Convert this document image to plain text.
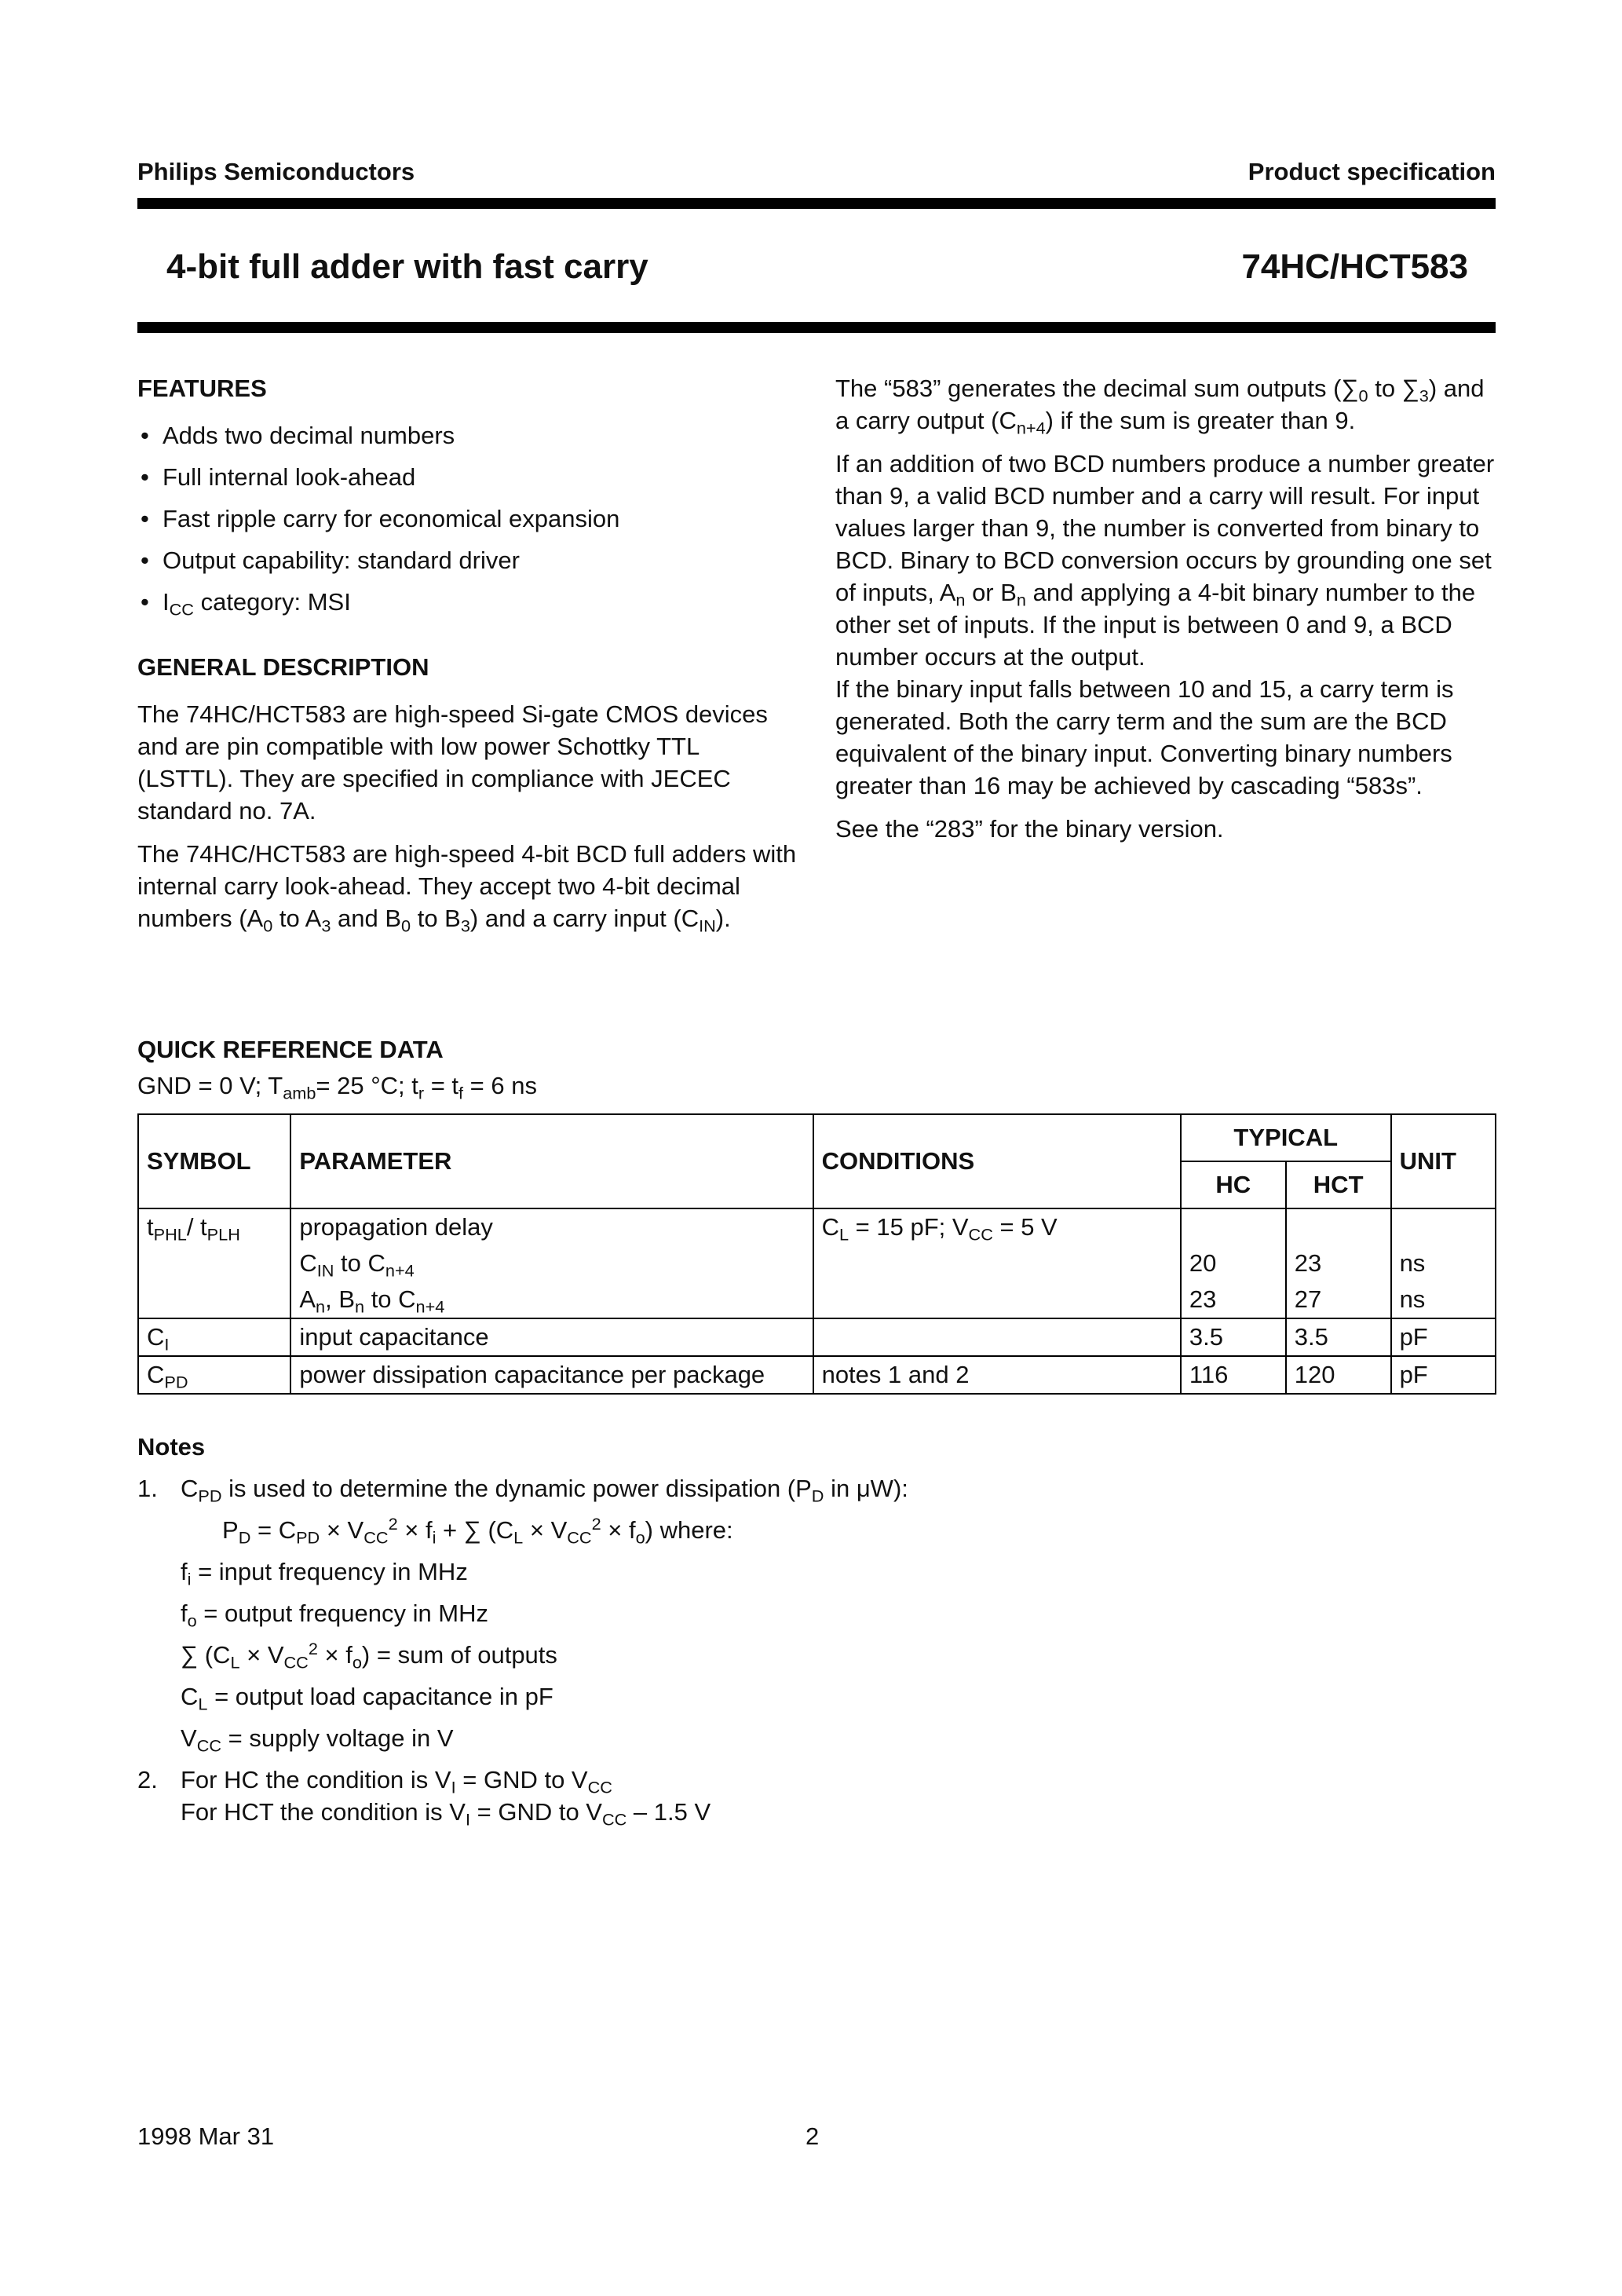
Philips Semiconductors	Product specification
4-bit full adder with fast carry	74HC/HCT583
FEATURES
• Adds two decimal numbers
• Full internal look-ahead
• Fast ripple carry for economical expansion
• Output capability: standard driver
• $I_{CC}$ category: MSI
GENERAL DESCRIPTION

The 74HC/HCT583 are high-speed Si-gate CMOS devices and are pin compatible with low power Schottky TTL (LSTTL). They are specified in compliance with JECEC standard no. 7A.

The 74HC/HCT583 are high-speed 4-bit BCD full adders with internal carry look-ahead. They accept two 4-bit decimal numbers ($A_0$ to $A_3$ and $B_0$ to $B_3$) and a carry input $(C_{IN})$.

The “583” generates the decimal sum outputs ($\sum_0$ to $\sum_3$) and a carry output $(C_{n+4})$ if the sum is greater than 9.

If an addition of two BCD numbers produce a number greater than 9, a valid BCD number and a carry will result. For input values larger than 9, the number is converted from binary to BCD. Binary to BCD conversion occurs by grounding one set of inputs, $A_n$ or $B_n$ and applying a 4-bit binary number to the other set of inputs. If the input is between 0 and 9, a BCD number occurs at the output.

If the binary input falls between 10 and 15, a carry term is generated. Both the carry term and the sum are the BCD equivalent of the binary input. Converting binary numbers greater than 16 may be achieved by cascading “583s”.

See the “283” for the binary version.

QUICK REFERENCE DATA
GND = 0 V; $T_{amb}= 25$ °C; $t_r = t_f = 6$ ns
SYMBOL	PARAMETER	CONDITIONS	TYPICAL		UNIT
			HC	HCT	
$t_{PHL}/$ $t_{PLH}$	propagation delay	$C_L = 15$ pF; $V_{CC} = 5$ V			
	$C_{IN}$ to $C_{n+4}$		20	23	ns
	$A_n$, $B_n$ to $C_{n+4}$		23	27	ns
$C_I$	input capacitance		3.5	3.5	pF
$C_{PD}$	power dissipation capacitance per package	notes 1 and 2	116	120	pF
Notes
1. $C_{PD}$ is used to determine the dynamic power dissipation ($P_D$ in μW):
$P_D = C_{PD} \times V_{CC}^2 \times f_i$ + ∑ $(C_L \times V_{CC}^2 \times f_o)$ where:
$f_i$ = input frequency in MHz
$f_o$ = output frequency in MHz
∑ $(C_L \times V_{CC}^2 \times f_o)$ = sum of outputs
$C_L$ = output load capacitance in pF
$V_{CC}$ = supply voltage in V
2. For HC the condition is $V_I$ = GND to $V_{CC}$
For HCT the condition is $V_I$ = GND to $V_{CC} - 1.5$ V
1998 Mar 31	2
